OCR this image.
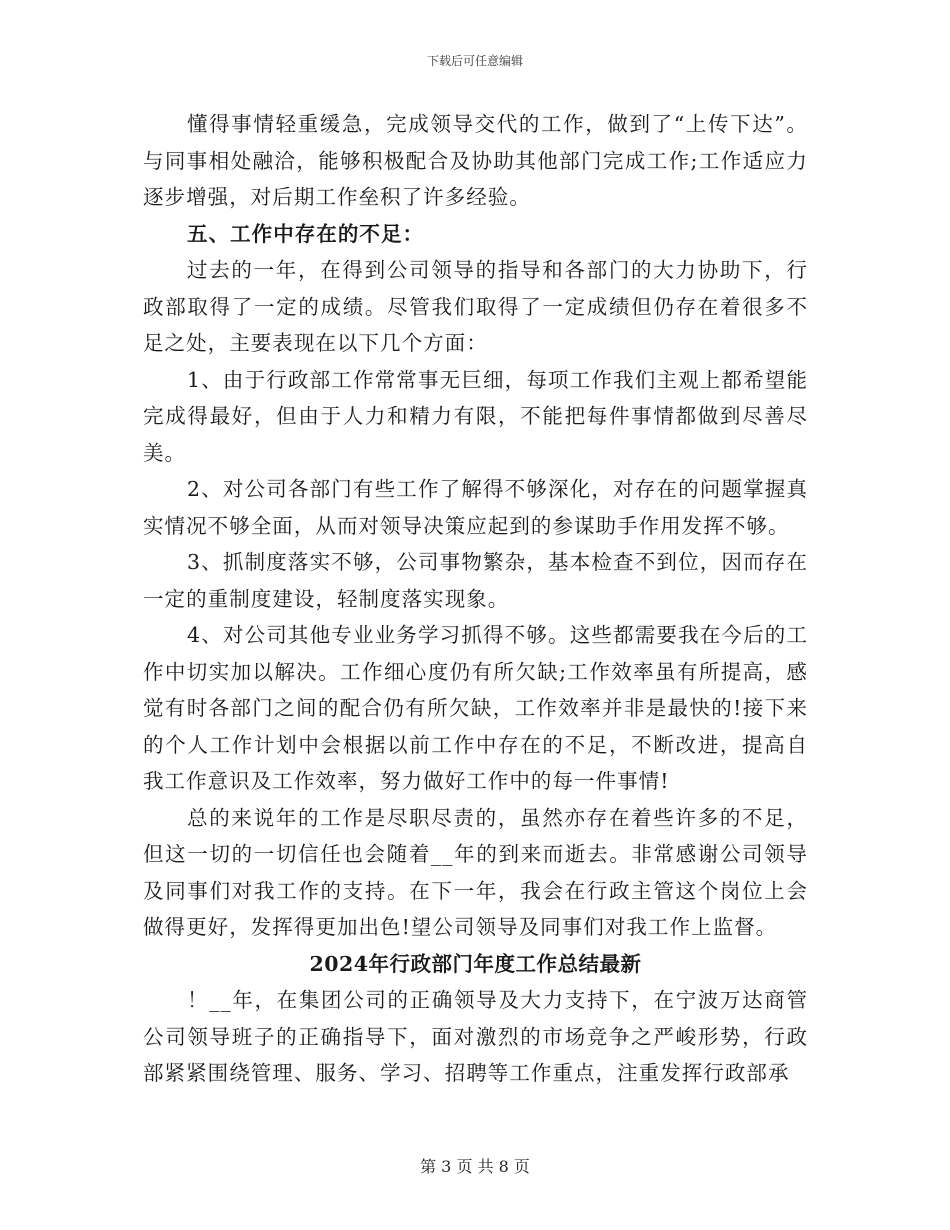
下载后可任意编辑

懂得事情轻重缓急，完成领导交代的工作，做到了“上传下达”。与同事相处融洽，能够积极配合及协助其他部门完成工作;工作适应力逐步增强，对后期工作垒积了许多经验。

五、工作中存在的不足：

过去的一年，在得到公司领导的指导和各部门的大力协助下，行政部取得了一定的成绩。尽管我们取得了一定成绩但仍存在着很多不足之处，主要表现在以下几个方面：

1、由于行政部工作常常事无巨细，每项工作我们主观上都希望能完成得最好，但由于人力和精力有限，不能把每件事情都做到尽善尽美。

2、对公司各部门有些工作了解得不够深化，对存在的问题掌握真实情况不够全面，从而对领导决策应起到的参谋助手作用发挥不够。

3、抓制度落实不够，公司事物繁杂，基本检查不到位，因而存在一定的重制度建设，轻制度落实现象。

4、对公司其他专业业务学习抓得不够。这些都需要我在今后的工作中切实加以解决。工作细心度仍有所欠缺;工作效率虽有所提高，感觉有时各部门之间的配合仍有所欠缺，工作效率并非是最快的!接下来的个人工作计划中会根据以前工作中存在的不足，不断改进，提高自我工作意识及工作效率，努力做好工作中的每一件事情!

总的来说年的工作是尽职尽责的，虽然亦存在着些许多的不足，但这一切的一切信任也会随着__年的到来而逝去。非常感谢公司领导及同事们对我工作的支持。在下一年，我会在行政主管这个岗位上会做得更好，发挥得更加出色!望公司领导及同事们对我工作上监督。

2024年行政部门年度工作总结最新

！__年，在集团公司的正确领导及大力支持下，在宁波万达商管公司领导班子的正确指导下，面对激烈的市场竞争之严峻形势，行政部紧紧围绕管理、服务、学习、招聘等工作重点，注重发挥行政部承

第 3 页 共 8 页
